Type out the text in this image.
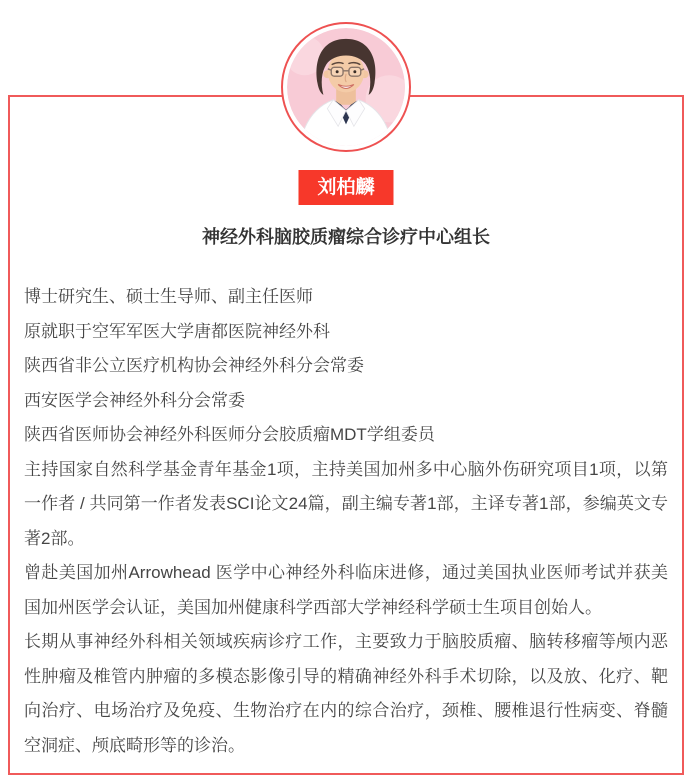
刘柏麟
神经外科脑胶质瘤综合诊疗中心组长

博士研究生、硕士生导师、副主任医师

原就职于空军军医大学唐都医院神经外科

陕西省非公立医疗机构协会神经外科分会常委

西安医学会神经外科分会常委

陕西省医师协会神经外科医师分会胶质瘤MDT学组委员

主持国家自然科学基金青年基金1项，主持美国加州多中心脑外伤研究项目1项，以第一作者 / 共同第一作者发表SCI论文24篇，副主编专著1部，主译专著1部，参编英文专著2部。

曾赴美国加州Arrowhead 医学中心神经外科临床进修，通过美国执业医师考试并获美国加州医学会认证，美国加州健康科学西部大学神经科学硕士生项目创始人。

长期从事神经外科相关领域疾病诊疗工作，主要致力于脑胶质瘤、脑转移瘤等颅内恶性肿瘤及椎管内肿瘤的多模态影像引导的精确神经外科手术切除，以及放、化疗、靶向治疗、电场治疗及免疫、生物治疗在内的综合治疗，颈椎、腰椎退行性病变、脊髓空洞症、颅底畸形等的诊治。
